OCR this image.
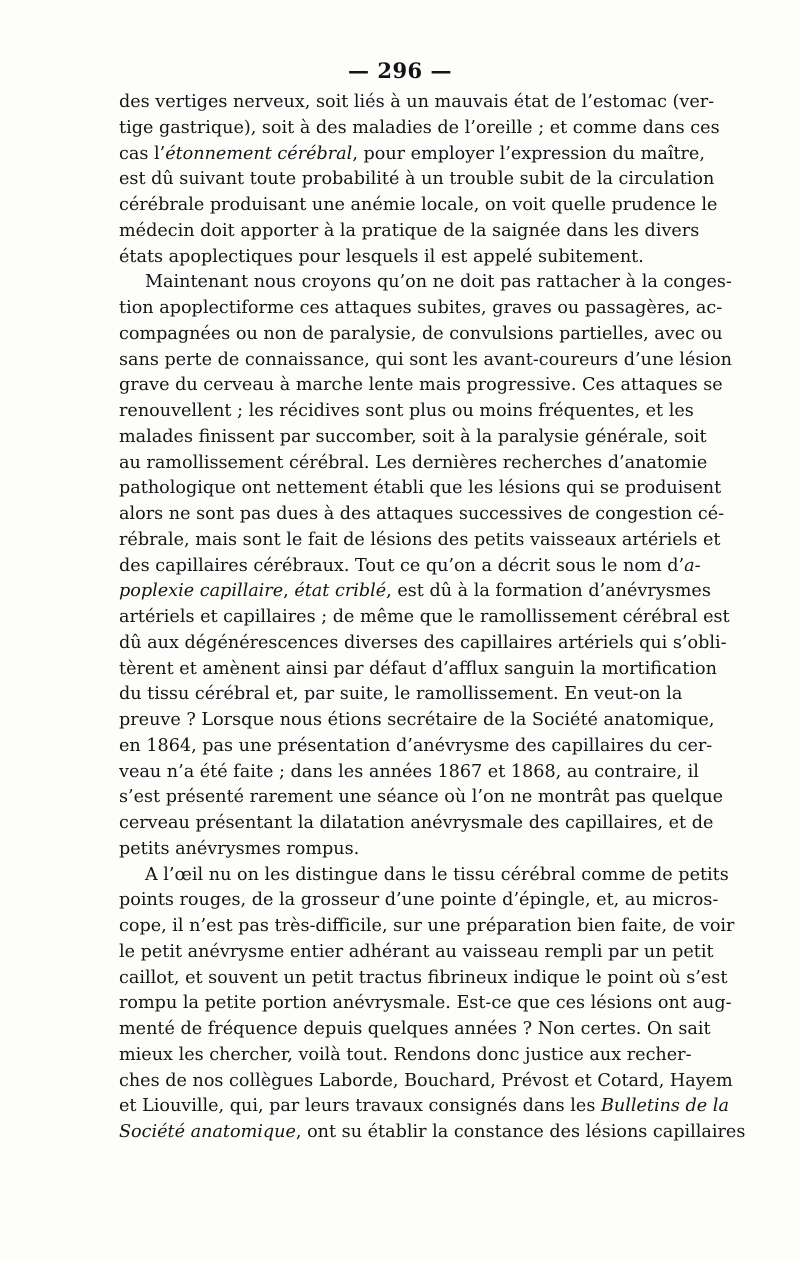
— 296 —
des vertiges nerveux, soit liés à un mauvais état de l’estomac (ver-
tige gastrique), soit à des maladies de l’oreille ; et comme dans ces
cas l’étonnement cérébral, pour employer l’expression du maître,
est dû suivant toute probabilité à un trouble subit de la circulation
cérébrale produisant une anémie locale, on voit quelle prudence le
médecin doit apporter à la pratique de la saignée dans les divers
états apoplectiques pour lesquels il est appelé subitement.
Maintenant nous croyons qu’on ne doit pas rattacher à la conges-
tion apoplectiforme ces attaques subites, graves ou passagères, ac-
compagnées ou non de paralysie, de convulsions partielles, avec ou
sans perte de connaissance, qui sont les avant-coureurs d’une lésion
grave du cerveau à marche lente mais progressive. Ces attaques se
renouvellent ; les récidives sont plus ou moins fréquentes, et les
malades finissent par succomber, soit à la paralysie générale, soit
au ramollissement cérébral. Les dernières recherches d’anatomie
pathologique ont nettement établi que les lésions qui se produisent
alors ne sont pas dues à des attaques successives de congestion cé-
rébrale, mais sont le fait de lésions des petits vaisseaux artériels et
des capillaires cérébraux. Tout ce qu’on a décrit sous le nom d’a-
poplexie capillaire, état criblé, est dû à la formation d’anévrysmes
artériels et capillaires ; de même que le ramollissement cérébral est
dû aux dégénérescences diverses des capillaires artériels qui s’obli-
tèrent et amènent ainsi par défaut d’afflux sanguin la mortification
du tissu cérébral et, par suite, le ramollissement. En veut-on la
preuve ? Lorsque nous étions secrétaire de la Société anatomique,
en 1864, pas une présentation d’anévrysme des capillaires du cer-
veau n’a été faite ; dans les années 1867 et 1868, au contraire, il
s’est présenté rarement une séance où l’on ne montrât pas quelque
cerveau présentant la dilatation anévrysmale des capillaires, et de
petits anévrysmes rompus.
A l’œil nu on les distingue dans le tissu cérébral comme de petits
points rouges, de la grosseur d’une pointe d’épingle, et, au micros-
cope, il n’est pas très-difficile, sur une préparation bien faite, de voir
le petit anévrysme entier adhérant au vaisseau rempli par un petit
caillot, et souvent un petit tractus fibrineux indique le point où s’est
rompu la petite portion anévrysmale. Est-ce que ces lésions ont aug-
menté de fréquence depuis quelques années ? Non certes. On sait
mieux les chercher, voilà tout. Rendons donc justice aux recher-
ches de nos collègues Laborde, Bouchard, Prévost et Cotard, Hayem
et Liouville, qui, par leurs travaux consignés dans les Bulletins de la
Société anatomique, ont su établir la constance des lésions capillaires
